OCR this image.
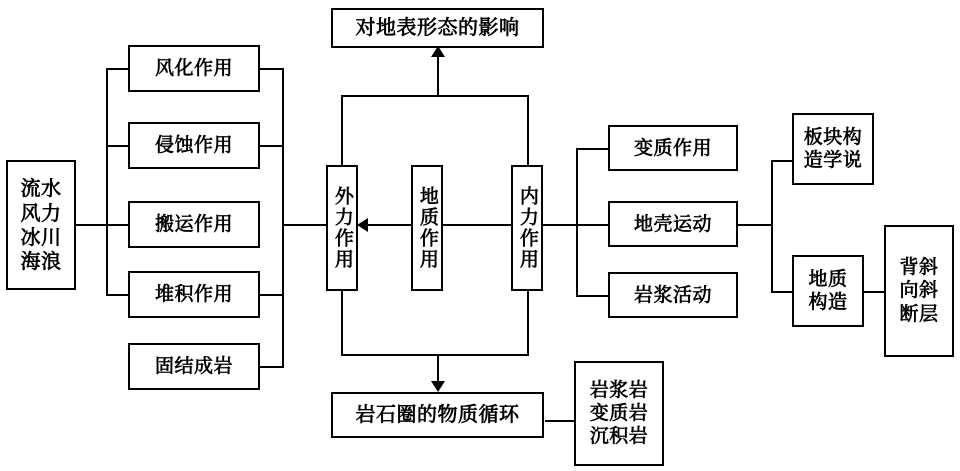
流水
风力
冰川
海浪
风化作用
侵蚀作用
搬运作用
堆积作用
固结成岩
对地表形态的影响
外力作用	地质作用	内力作用
变质作用
地壳运动
岩浆活动
板块构
造学说
地质
构造
背斜
向斜
断层
岩石圈的物质循环
岩浆岩
变质岩
沉积岩
